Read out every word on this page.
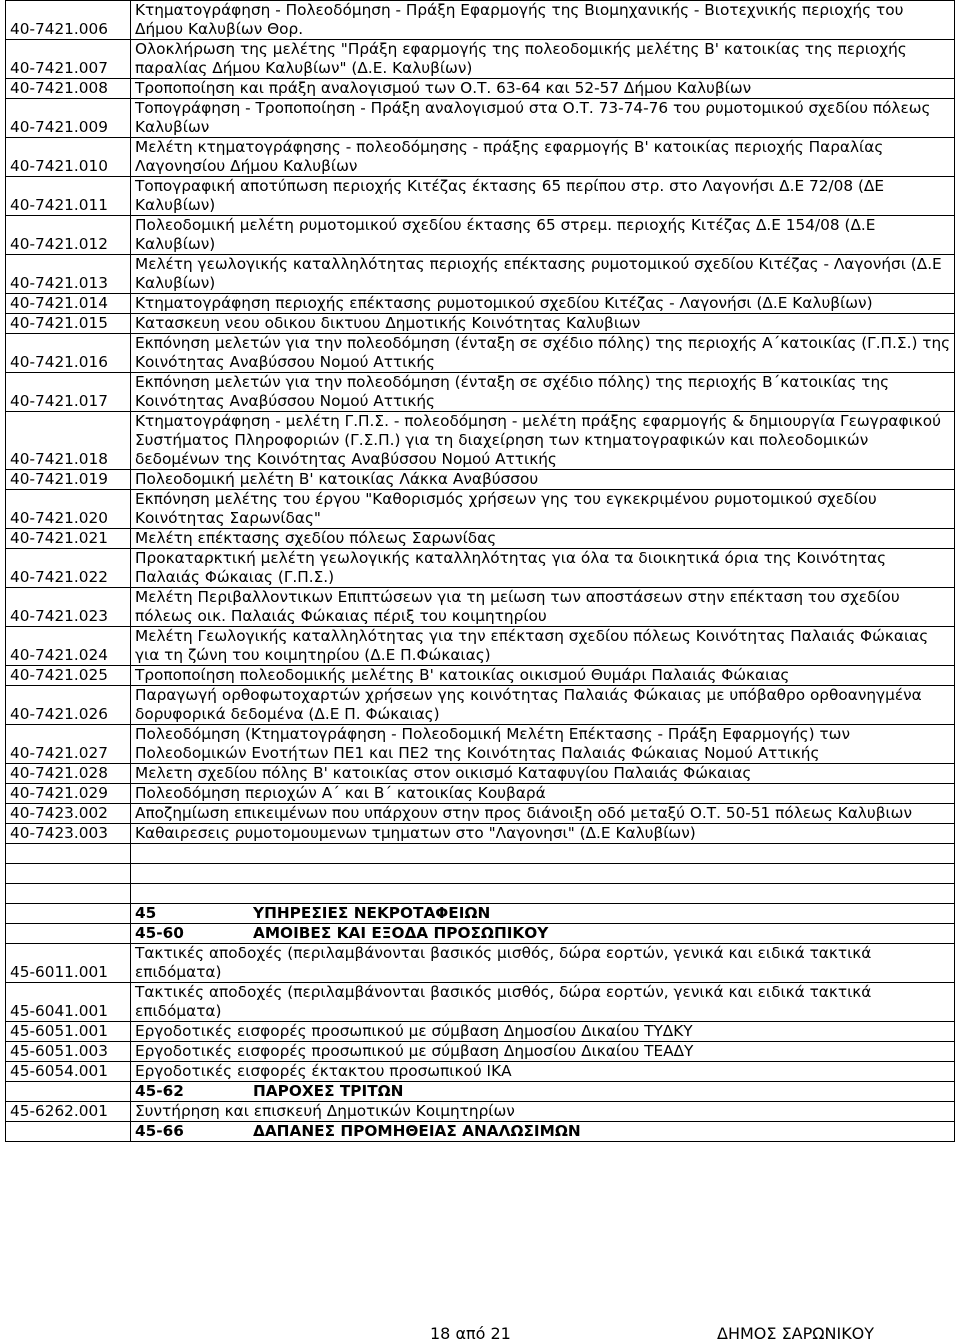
40-7421.006	Κτηματογράφηση - Πολεοδόμηση - Πράξη Εφαρμογής της Βιομηχανικής - Βιοτεχνικής περιοχής του Δήμου Καλυβίων Θορ.
40-7421.007	Ολοκλήρωση της μελέτης "Πράξη εφαρμογής της πολεοδομικής μελέτης Β' κατοικίας της περιοχής παραλίας Δήμου Καλυβίων" (Δ.Ε. Καλυβίων)
40-7421.008	Τροποποίηση και πράξη αναλογισμού των Ο.Τ. 63-64 και 52-57 Δήμου Καλυβίων
40-7421.009	Τοπογράφηση - Τροποποίηση - Πράξη αναλογισμού στα Ο.Τ. 73-74-76 του ρυμοτομικού σχεδίου πόλεως Καλυβίων
40-7421.010	Μελέτη κτηματογράφησης - πολεοδόμησης - πράξης εφαρμογής Β' κατοικίας περιοχής Παραλίας Λαγονησίου Δήμου Καλυβίων
40-7421.011	Τοπογραφική αποτύπωση περιοχής Κιτέζας έκτασης 65 περίπου στρ. στο Λαγονήσι Δ.Ε 72/08 (ΔΕ Καλυβίων)
40-7421.012	Πολεοδομική μελέτη ρυμοτομικού σχεδίου έκτασης 65 στρεμ. περιοχής Κιτέζας Δ.Ε 154/08 (Δ.Ε Καλυβίων)
40-7421.013	Μελέτη γεωλογικής καταλληλότητας περιοχής επέκτασης ρυμοτομικού σχεδίου Κιτέζας - Λαγονήσι (Δ.Ε Καλυβίων)
40-7421.014	Κτηματογράφηση περιοχής επέκτασης ρυμοτομικού σχεδίου Κιτέζας - Λαγονήσι (Δ.Ε Καλυβίων)
40-7421.015	Κατασκευη νεου οδικου δικτυου Δημοτικής Κοινότητας Καλυβιων
40-7421.016	Εκπόνηση μελετών για την πολεοδόμηση (ένταξη σε σχέδιο πόλης) της περιοχής Α΄κατοικίας (Γ.Π.Σ.) της Κοινότητας Αναβύσσου Νομού Αττικής
40-7421.017	Εκπόνηση μελετών για την πολεοδόμηση (ένταξη σε σχέδιο πόλης) της περιοχής Β΄κατοικίας της Κοινότητας Αναβύσσου Νομού Αττικής
40-7421.018	Κτηματογράφηση - μελέτη Γ.Π.Σ. - πολεοδόμηση - μελέτη πράξης εφαρμογής & δημιουργία Γεωγραφικού Συστήματος Πληροφοριών (Γ.Σ.Π.) για τη διαχείρηση των κτηματογραφικών και πολεοδομικών δεδομένων της Κοινότητας Αναβύσσου Νομού Αττικής
40-7421.019	Πολεοδομική μελέτη Β' κατοικίας Λάκκα Αναβύσσου
40-7421.020	Εκπόνηση μελέτης του έργου "Καθορισμός χρήσεων γης του εγκεκριμένου ρυμοτομικού σχεδίου Κοινότητας Σαρωνίδας"
40-7421.021	Μελέτη επέκτασης σχεδίου πόλεως Σαρωνίδας
40-7421.022	Προκαταρκτική μελέτη γεωλογικής καταλληλότητας για όλα τα διοικητικά όρια της Κοινότητας Παλαιάς Φώκαιας (Γ.Π.Σ.)
40-7421.023	Μελέτη Περιβαλλοντικων Επιπτώσεων για τη μείωση των αποστάσεων στην επέκταση του σχεδίου πόλεως οικ. Παλαιάς Φώκαιας πέριξ του κοιμητηρίου
40-7421.024	Μελέτη Γεωλογικής καταλληλότητας για την επέκταση σχεδίου πόλεως Κοινότητας Παλαιάς Φώκαιας για τη ζώνη του κοιμητηρίου (Δ.Ε Π.Φώκαιας)
40-7421.025	Τροποποίηση πολεοδομικής μελέτης Β' κατοικίας οικισμού Θυμάρι Παλαιάς Φώκαιας
40-7421.026	Παραγωγή ορθοφωτοχαρτών χρήσεων γης κοινότητας Παλαιάς Φώκαιας με υπόβαθρο ορθοανηγμένα δορυφορικά δεδομένα (Δ.Ε Π. Φώκαιας)
40-7421.027	Πολεοδόμηση (Κτηματογράφηση - Πολεοδομική Μελέτη Επέκτασης - Πράξη Εφαρμογής) των Πολεοδομικών Ενοτήτων ΠΕ1 και ΠΕ2 της Κοινότητας Παλαιάς Φώκαιας Νομού Αττικής
40-7421.028	Μελετη σχεδίου πόλης Β' κατοικίας στον οικισμό Καταφυγίου Παλαιάς Φώκαιας
40-7421.029	Πολεοδόμηση περιοχών Α΄ και Β΄ κατοικίας Κουβαρά
40-7423.002	Αποζημίωση επικειμένων που υπάρχουν στην προς διάνοιξη οδό μεταξύ Ο.Τ. 50-51 πόλεως Καλυβιων
40-7423.003	Καθαιρεσεις ρυμοτομουμενων τμηματων στο "Λαγονησι" (Δ.Ε Καλυβίων)

	45 ΥΠΗΡΕΣΙΕΣ ΝΕΚΡΟΤΑΦΕΙΩΝ
	45-60 ΑΜΟΙΒΕΣ ΚΑΙ ΕΞΟΔΑ ΠΡΟΣΩΠΙΚΟΥ
45-6011.001	Τακτικές αποδοχές (περιλαμβάνονται βασικός μισθός, δώρα εορτών, γενικά και ειδικά τακτικά επιδόματα)
45-6041.001	Τακτικές αποδοχές (περιλαμβάνονται βασικός μισθός, δώρα εορτών, γενικά και ειδικά τακτικά επιδόματα)
45-6051.001	Εργοδοτικές εισφορές προσωπικού με σύμβαση Δημοσίου Δικαίου ΤΥΔΚΥ
45-6051.003	Εργοδοτικές εισφορές προσωπικού με σύμβαση Δημοσίου Δικαίου ΤΕΑΔΥ
45-6054.001	Εργοδοτικές εισφορές έκτακτου προσωπικού ΙΚΑ
	45-62 ΠΑΡΟΧΕΣ ΤΡΙΤΩΝ
45-6262.001	Συντήρηση και επισκευή Δημοτικών Κοιμητηρίων
	45-66 ΔΑΠΑΝΕΣ ΠΡΟΜΗΘΕΙΑΣ ΑΝΑΛΩΣΙΜΩΝ
18 από 21	ΔΗΜΟΣ ΣΑΡΩΝΙΚΟΥ
